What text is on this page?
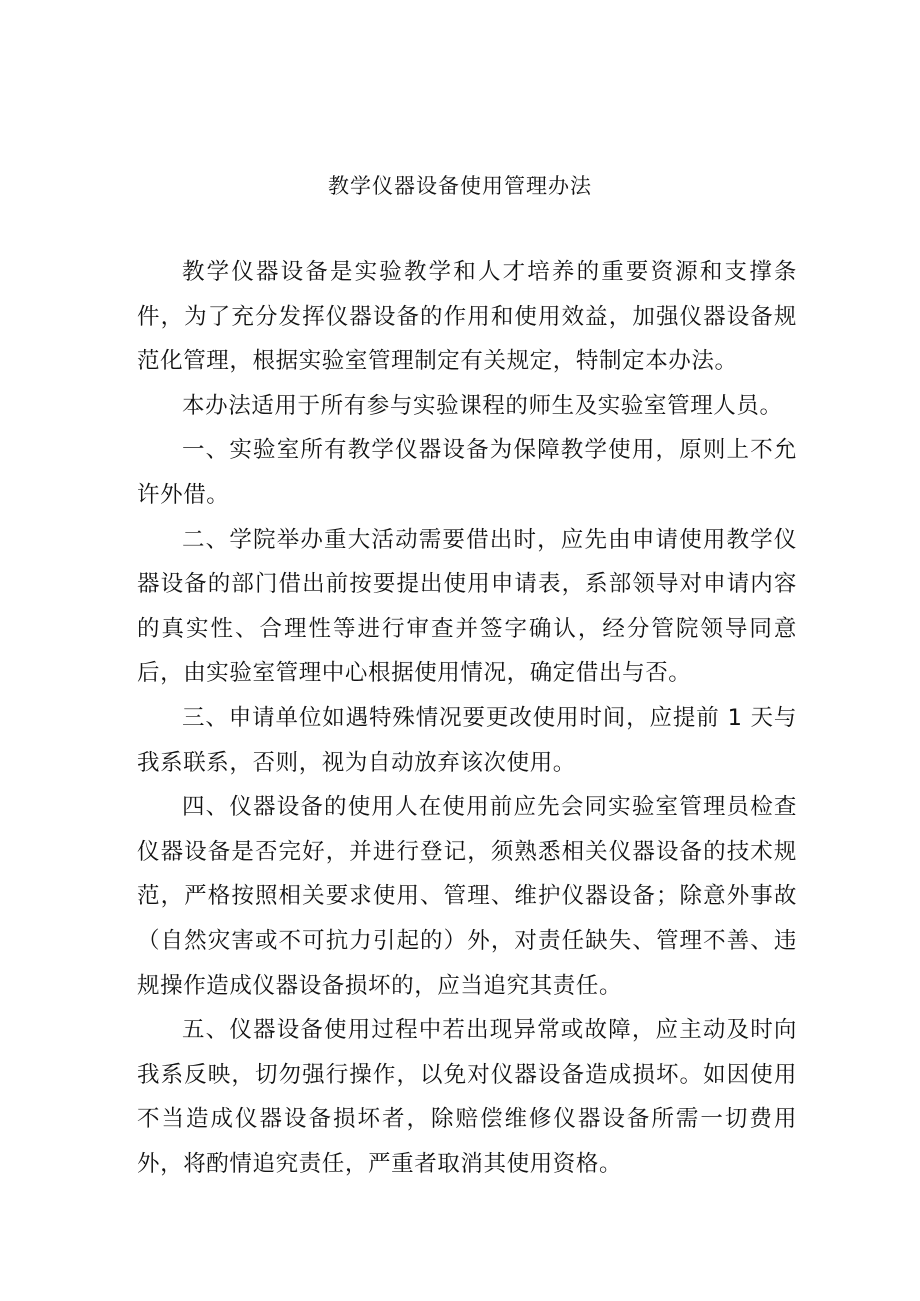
教学仪器设备使用管理办法

教学仪器设备是实验教学和人才培养的重要资源和支撑条件，为了充分发挥仪器设备的作用和使用效益，加强仪器设备规范化管理，根据实验室管理制定有关规定，特制定本办法。

本办法适用于所有参与实验课程的师生及实验室管理人员。

一、实验室所有教学仪器设备为保障教学使用，原则上不允许外借。

二、学院举办重大活动需要借出时，应先由申请使用教学仪器设备的部门借出前按要提出使用申请表，系部领导对申请内容的真实性、合理性等进行审查并签字确认，经分管院领导同意后，由实验室管理中心根据使用情况，确定借出与否。

三、申请单位如遇特殊情况要更改使用时间，应提前 1 天与我系联系，否则，视为自动放弃该次使用。

四、仪器设备的使用人在使用前应先会同实验室管理员检查仪器设备是否完好，并进行登记，须熟悉相关仪器设备的技术规范，严格按照相关要求使用、管理、维护仪器设备；除意外事故（自然灾害或不可抗力引起的）外，对责任缺失、管理不善、违规操作造成仪器设备损坏的，应当追究其责任。

五、仪器设备使用过程中若出现异常或故障，应主动及时向我系反映，切勿强行操作，以免对仪器设备造成损坏。如因使用不当造成仪器设备损坏者，除赔偿维修仪器设备所需一切费用外，将酌情追究责任，严重者取消其使用资格。
